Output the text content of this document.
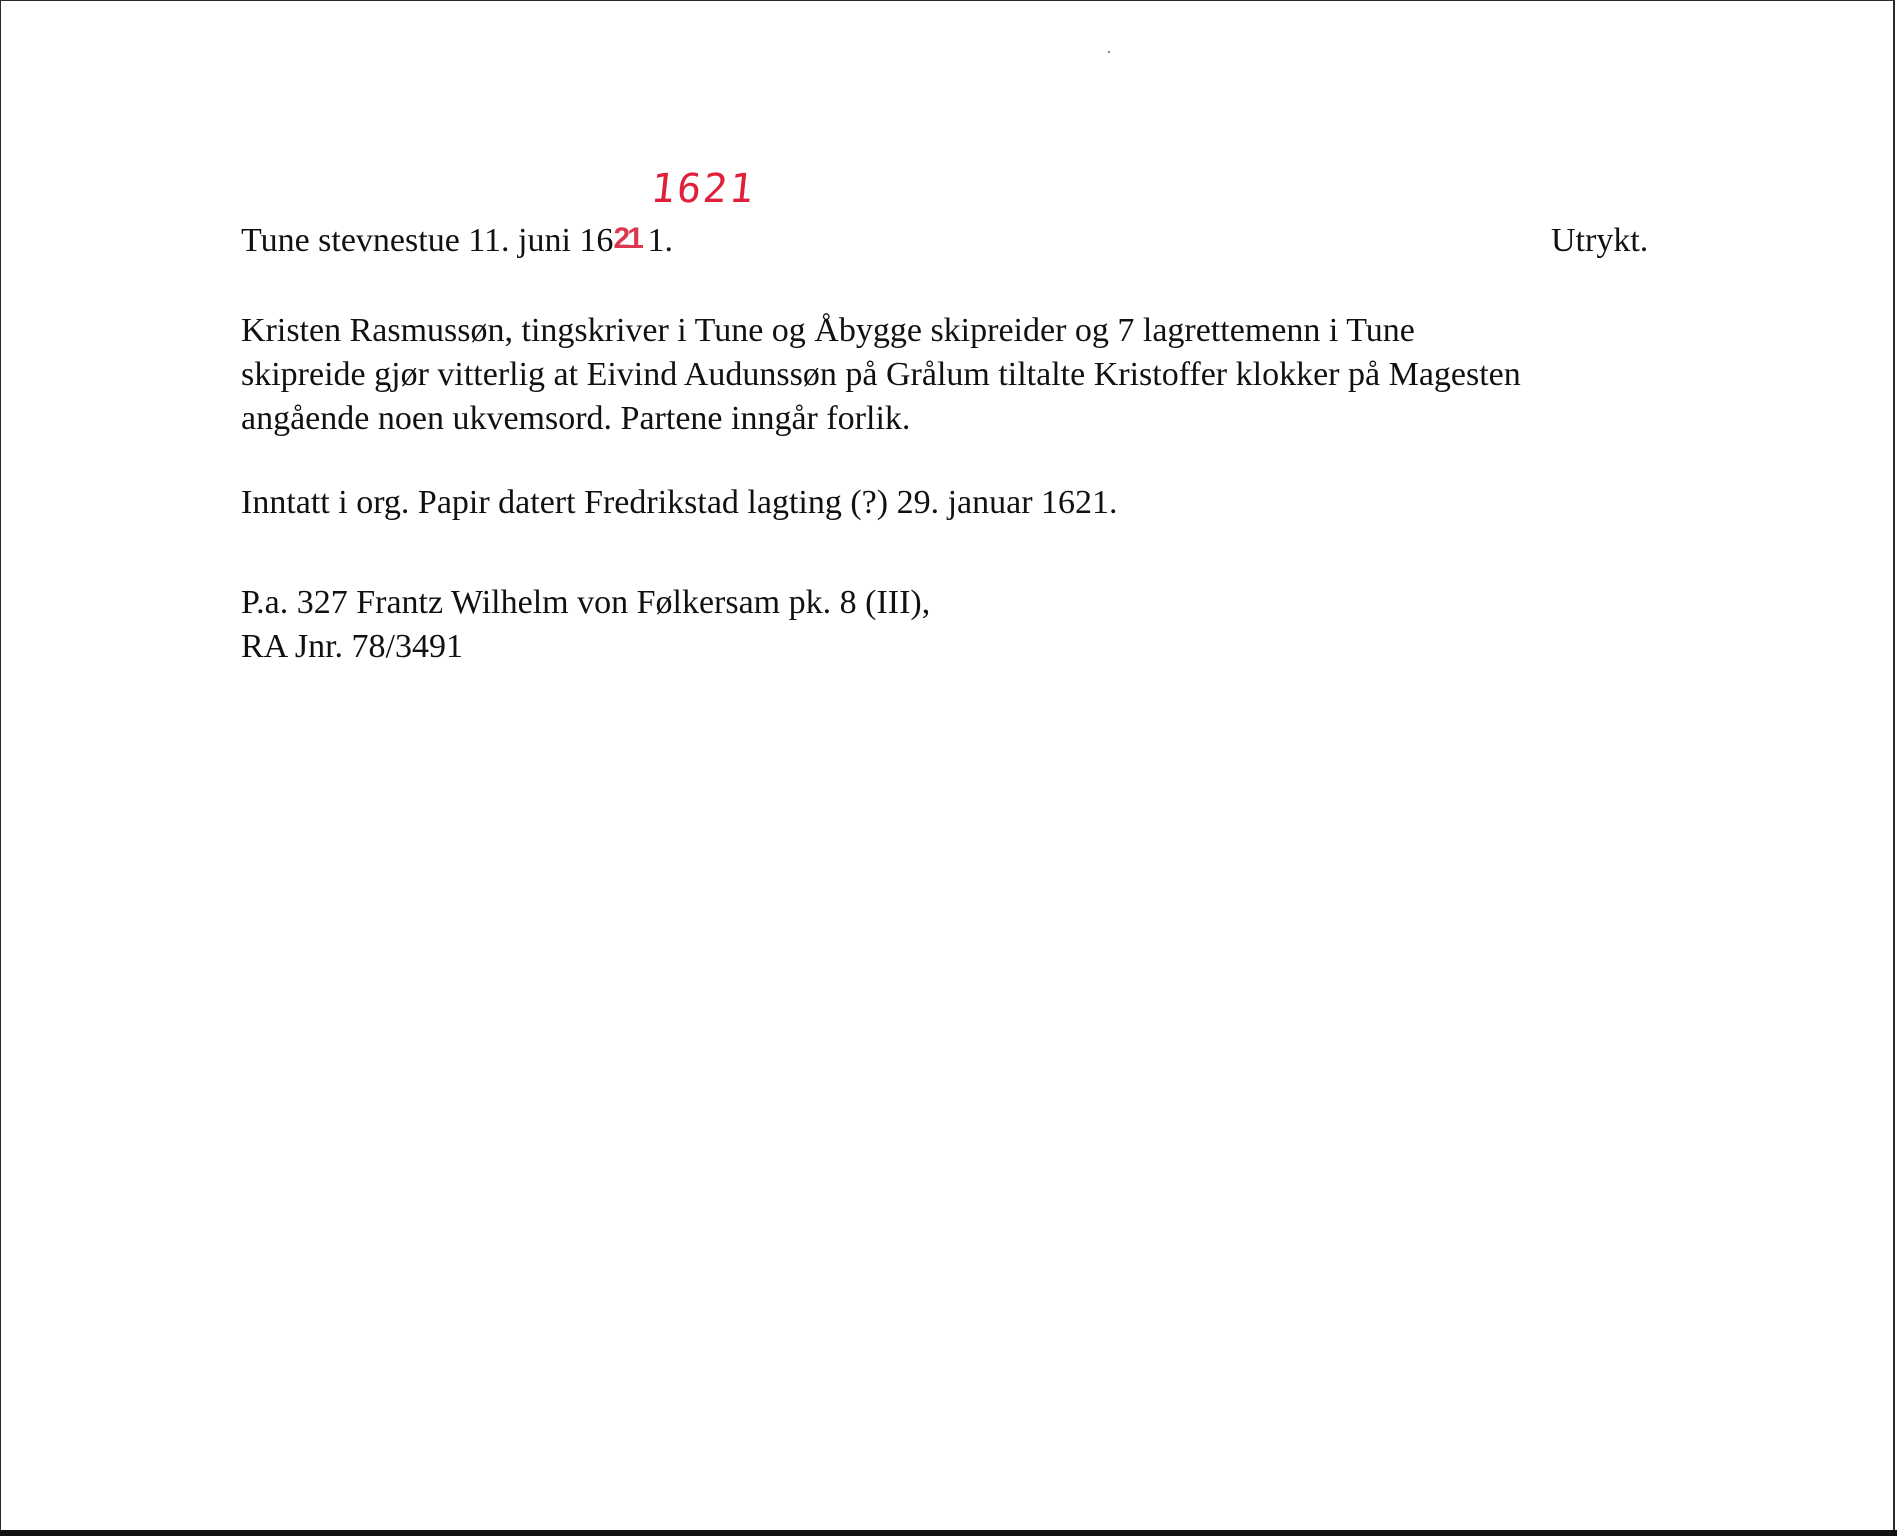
1621
Tune stevnestue 11. juni 16 21 1.	Utrykt.
Kristen Rasmussøn, tingskriver i Tune og Åbygge skipreider og 7 lagrettemenn i Tune
skipreide gjør vitterlig at Eivind Audunssøn på Grålum tiltalte Kristoffer klokker på Magesten
angående noen ukvemsord. Partene inngår forlik.
Inntatt i org. Papir datert Fredrikstad lagting (?) 29. januar 1621.
P.a. 327 Frantz Wilhelm von Følkersam pk. 8 (III),
RA Jnr. 78/3491
